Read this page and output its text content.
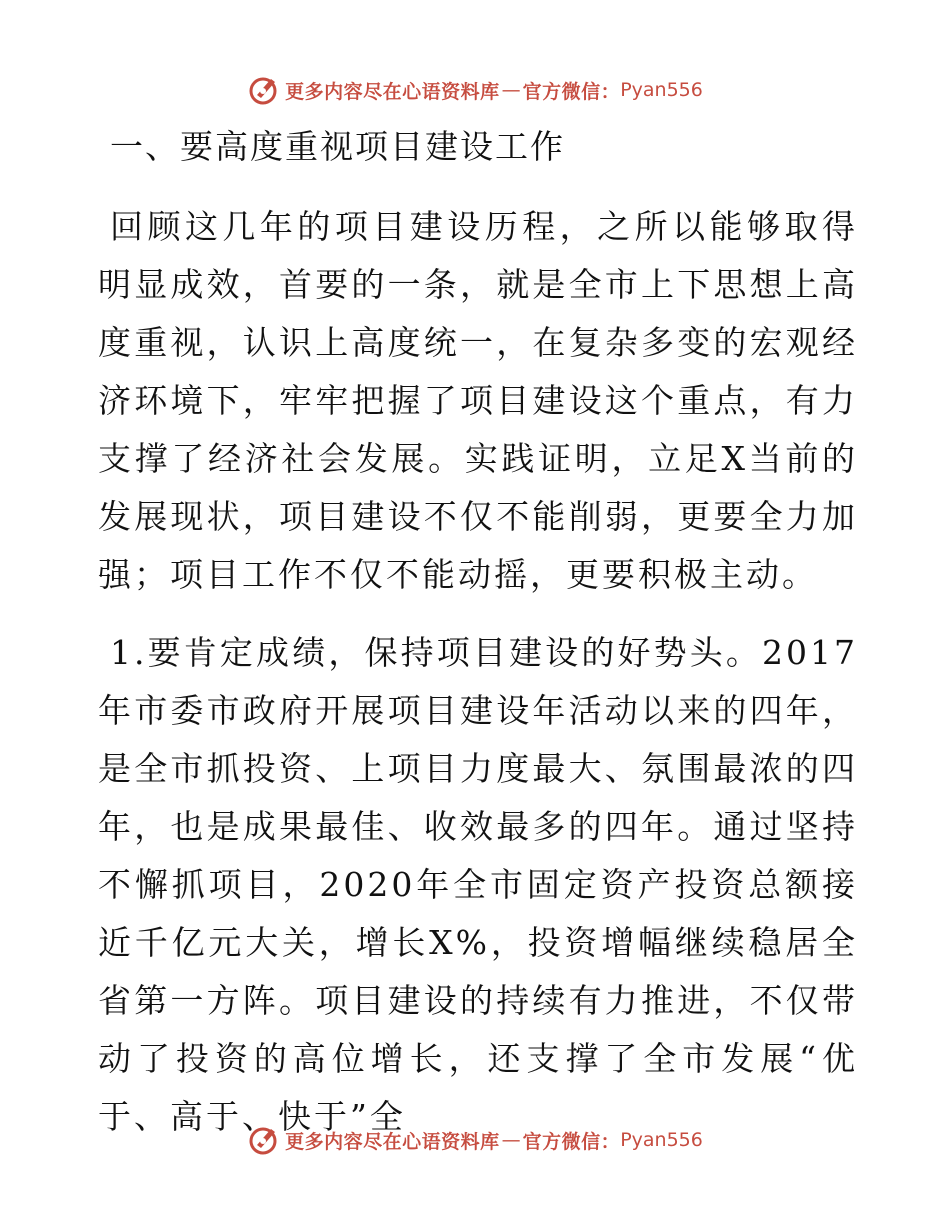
更多内容尽在心语资料库 — 官方微信： Pyan556
一、要高度重视项目建设工作

回顾这几年的项目建设历程，之所以能够取得明显成效，首要的一条，就是全市上下思想上高度重视，认识上高度统一，在复杂多变的宏观经济环境下，牢牢把握了项目建设这个重点，有力支撑了经济社会发展。实践证明，立足X当前的发展现状，项目建设不仅不能削弱，更要全力加强；项目工作不仅不能动摇，更要积极主动。

1.要肯定成绩，保持项目建设的好势头。2017年市委市政府开展项目建设年活动以来的四年，是全市抓投资、上项目力度最大、氛围最浓的四年，也是成果最佳、收效最多的四年。通过坚持不懈抓项目，2020年全市固定资产投资总额接近千亿元大关，增长X%，投资增幅继续稳居全省第一方阵。项目建设的持续有力推进，不仅带动了投资的高位增长，还支撑了全市发展“优于、高于、快于”全

更多内容尽在心语资料库 — 官方微信： Pyan556
